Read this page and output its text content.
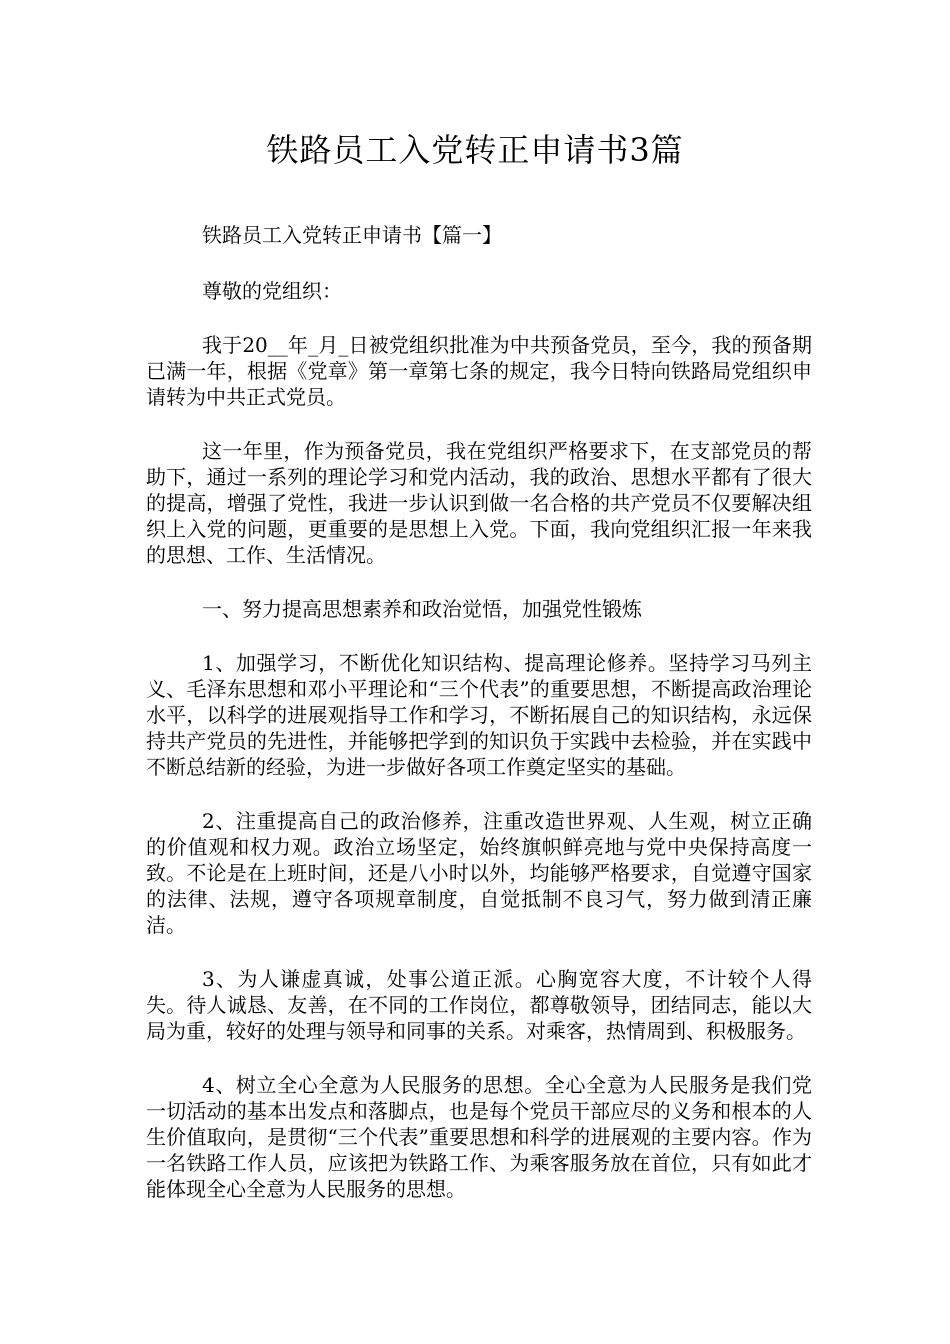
铁路员工入党转正申请书3篇

铁路员工入党转正申请书【篇一】

尊敬的党组织：

我于20__年_月_日被党组织批准为中共预备党员，至今，我的预备期已满一年，根据《党章》第一章第七条的规定，我今日特向铁路局党组织申请转为中共正式党员。

这一年里，作为预备党员，我在党组织严格要求下，在支部党员的帮助下，通过一系列的理论学习和党内活动，我的政治、思想水平都有了很大的提高，增强了党性，我进一步认识到做一名合格的共产党员不仅要解决组织上入党的问题，更重要的是思想上入党。下面，我向党组织汇报一年来我的思想、工作、生活情况。

一、努力提高思想素养和政治觉悟，加强党性锻炼

1、加强学习，不断优化知识结构、提高理论修养。坚持学习马列主义、毛泽东思想和邓小平理论和“三个代表”的重要思想，不断提高政治理论水平，以科学的进展观指导工作和学习，不断拓展自己的知识结构，永远保持共产党员的先进性，并能够把学到的知识负于实践中去检验，并在实践中不断总结新的经验，为进一步做好各项工作奠定坚实的基础。

2、注重提高自己的政治修养，注重改造世界观、人生观，树立正确的价值观和权力观。政治立场坚定，始终旗帜鲜亮地与党中央保持高度一致。不论是在上班时间，还是八小时以外，均能够严格要求，自觉遵守国家的法律、法规，遵守各项规章制度，自觉抵制不良习气，努力做到清正廉洁。

3、为人谦虚真诚，处事公道正派。心胸宽容大度，不计较个人得失。待人诚恳、友善，在不同的工作岗位，都尊敬领导，团结同志，能以大局为重，较好的处理与领导和同事的关系。对乘客，热情周到、积极服务。

4、树立全心全意为人民服务的思想。全心全意为人民服务是我们党一切活动的基本出发点和落脚点，也是每个党员干部应尽的义务和根本的人生价值取向，是贯彻“三个代表”重要思想和科学的进展观的主要内容。作为一名铁路工作人员，应该把为铁路工作、为乘客服务放在首位，只有如此才能体现全心全意为人民服务的思想。
